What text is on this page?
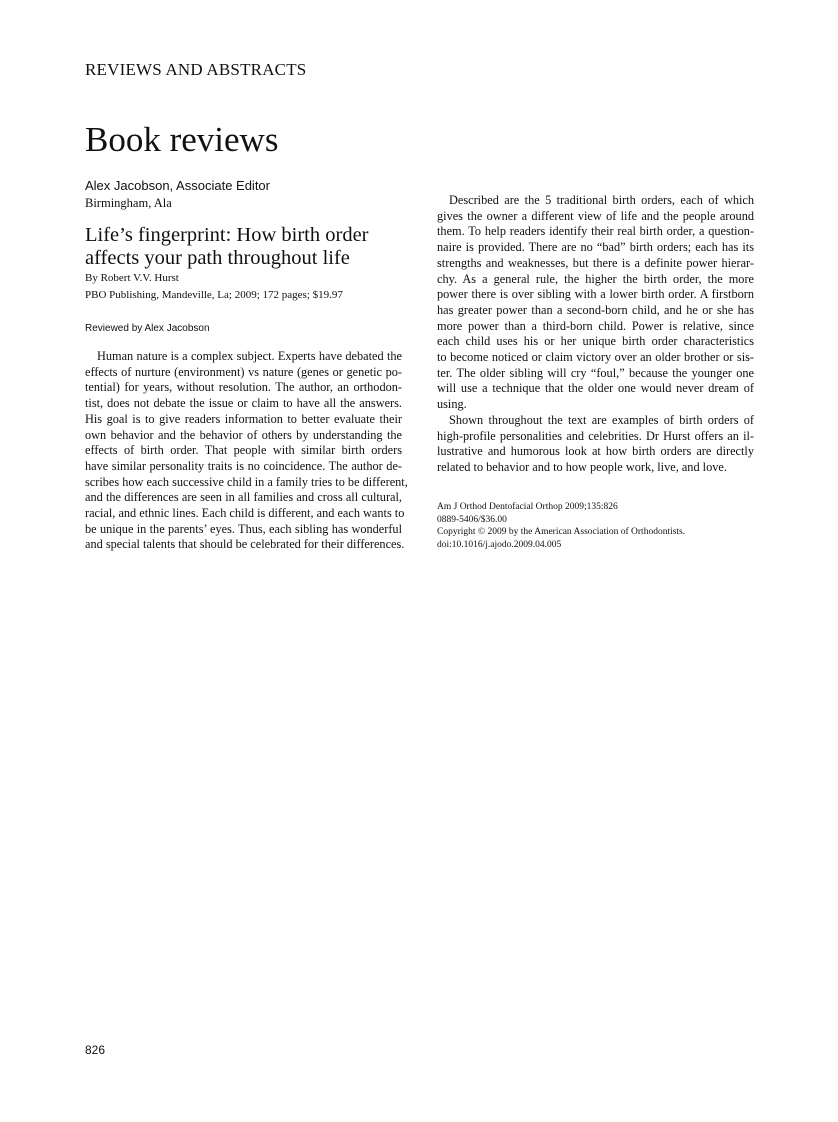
REVIEWS AND ABSTRACTS
Book reviews
Alex Jacobson, Associate Editor
Birmingham, Ala
Life’s fingerprint: How birth order
affects your path throughout life
By Robert V.V. Hurst
PBO Publishing, Mandeville, La; 2009; 172 pages; $19.97
Reviewed by Alex Jacobson
Human nature is a complex subject. Experts have debated the
effects of nurture (environment) vs nature (genes or genetic po-
tential) for years, without resolution. The author, an orthodon-
tist, does not debate the issue or claim to have all the answers.
His goal is to give readers information to better evaluate their
own behavior and the behavior of others by understanding the
effects of birth order. That people with similar birth orders
have similar personality traits is no coincidence. The author de-
scribes how each successive child in a family tries to be different,
and the differences are seen in all families and cross all cultural,
racial, and ethnic lines. Each child is different, and each wants to
be unique in the parents’ eyes. Thus, each sibling has wonderful
and special talents that should be celebrated for their differences.
Described are the 5 traditional birth orders, each of which
gives the owner a different view of life and the people around
them. To help readers identify their real birth order, a question-
naire is provided. There are no “bad” birth orders; each has its
strengths and weaknesses, but there is a definite power hierar-
chy. As a general rule, the higher the birth order, the more
power there is over sibling with a lower birth order. A firstborn
has greater power than a second-born child, and he or she has
more power than a third-born child. Power is relative, since
each child uses his or her unique birth order characteristics
to become noticed or claim victory over an older brother or sis-
ter. The older sibling will cry “foul,” because the younger one
will use a technique that the older one would never dream of
using.
Shown throughout the text are examples of birth orders of
high-profile personalities and celebrities. Dr Hurst offers an il-
lustrative and humorous look at how birth orders are directly
related to behavior and to how people work, live, and love.
Am J Orthod Dentofacial Orthop 2009;135:826
0889-5406/$36.00
Copyright © 2009 by the American Association of Orthodontists.
doi:10.1016/j.ajodo.2009.04.005
826
